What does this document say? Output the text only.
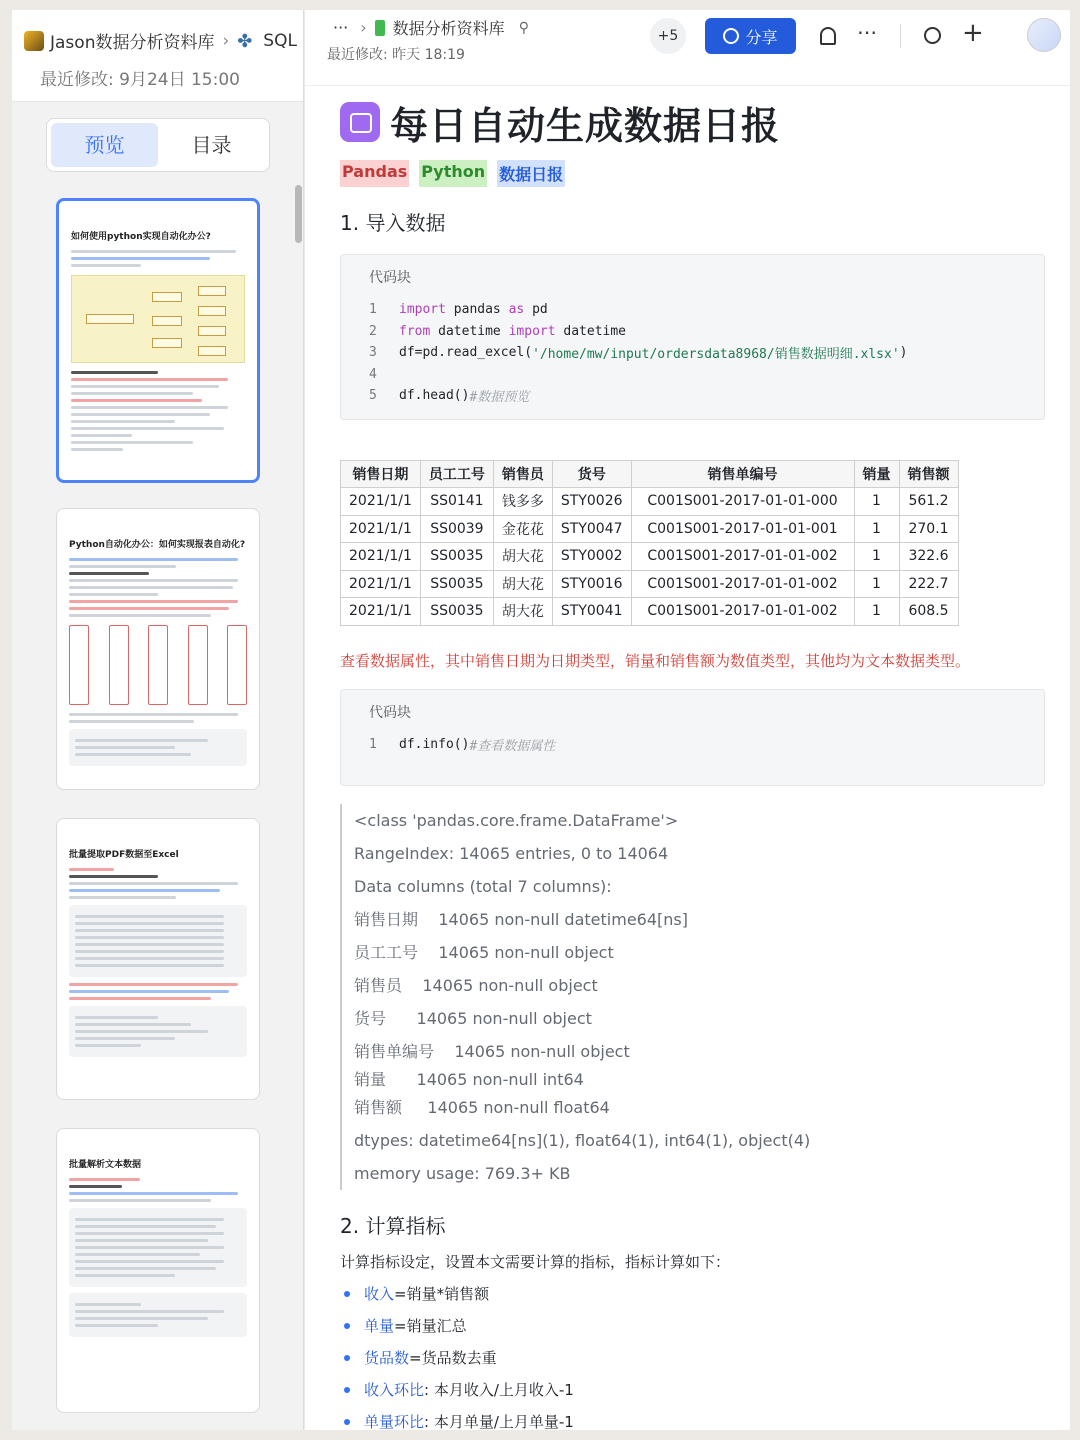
Jason数据分析资料库 › ✤ SQL
最近修改: 9月24日 15:00
预览	目录
如何使用python实现自动化办公?
Python自动化办公：如何实现报表自动化?
批量提取PDF数据至Excel
批量解析文本数据
··· › 数据分析资料库 ⚲
最近修改: 昨天 18:19
+5	分享	⋯	+
每日自动生成数据日报
Pandas Python 数据日报
1. 导入数据
代码块
1	import pandas as pd
2	from datetime import datetime
3	df=pd.read_excel( '/home/mw/input/ordersdata8968/销售数据明细.xlsx' )
4
5	df.head() #数据预览
销售日期	员工工号	销售员	货号	销售单编号	销量	销售额
2021/1/1	SS0141	钱多多	STY0026	C001S001-2017-01-01-000	1	561.2
2021/1/1	SS0039	金花花	STY0047	C001S001-2017-01-01-001	1	270.1
2021/1/1	SS0035	胡大花	STY0002	C001S001-2017-01-01-002	1	322.6
2021/1/1	SS0035	胡大花	STY0016	C001S001-2017-01-01-002	1	222.7
2021/1/1	SS0035	胡大花	STY0041	C001S001-2017-01-01-002	1	608.5
查看数据属性，其中销售日期为日期类型，销量和销售额为数值类型，其他均为文本数据类型。
代码块
1	df.info() #查看数据属性
<class 'pandas.core.frame.DataFrame'>
RangeIndex: 14065 entries, 0 to 14064
Data columns (total 7 columns):
销售日期    14065 non-null datetime64[ns]
员工工号    14065 non-null object
销售员    14065 non-null object
货号      14065 non-null object
销售单编号    14065 non-null object
销量      14065 non-null int64
销售额     14065 non-null float64
dtypes: datetime64[ns](1), float64(1), int64(1), object(4)
memory usage: 769.3+ KB
2. 计算指标
计算指标设定，设置本文需要计算的指标，指标计算如下：
收入 =销量*销售额
单量 =销量汇总
货品数 =货品数去重
收入环比 : 本月收入/上月收入-1
单量环比 : 本月单量/上月单量-1
